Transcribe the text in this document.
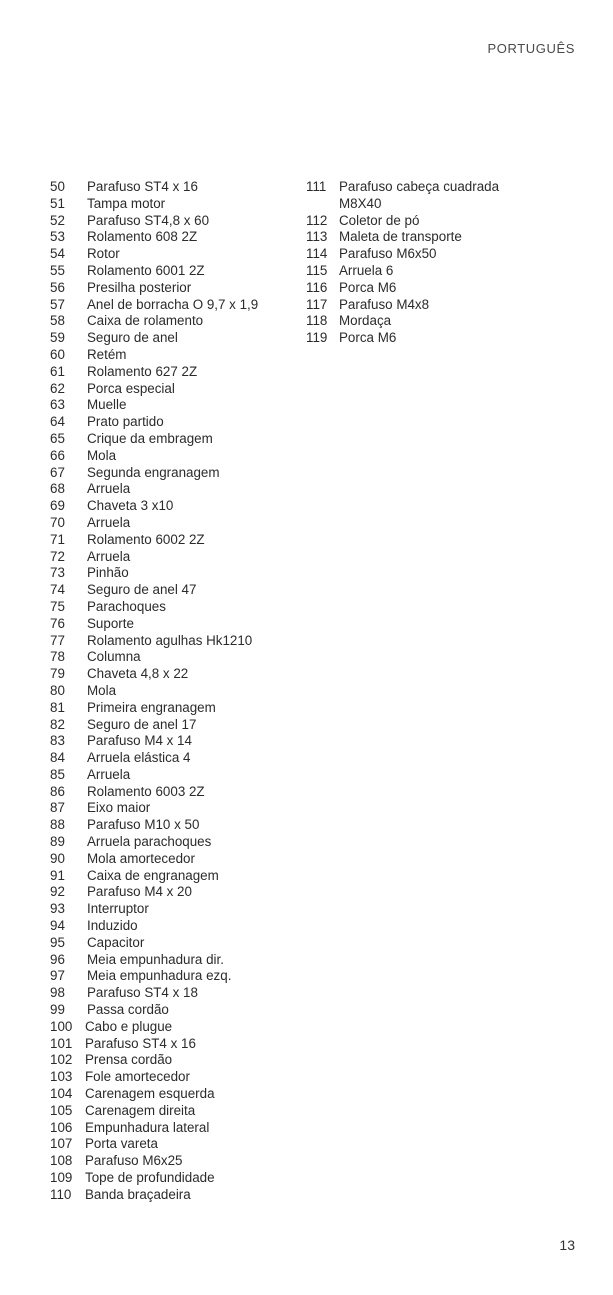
PORTUGUÊS
50	Parafuso ST4 x 16
51	Tampa motor
52	Parafuso ST4,8 x 60
53	Rolamento 608 2Z
54	Rotor
55	Rolamento 6001 2Z
56	Presilha posterior
57	Anel de borracha O 9,7 x 1,9
58	Caixa de rolamento
59	Seguro de anel
60	Retém
61	Rolamento 627 2Z
62	Porca especial
63	Muelle
64	Prato partido
65	Crique da embragem
66	Mola
67	Segunda engranagem
68	Arruela
69	Chaveta 3 x10
70	Arruela
71	Rolamento 6002 2Z
72	Arruela
73	Pinhão
74	Seguro de anel 47
75	Parachoques
76	Suporte
77	Rolamento agulhas Hk1210
78	Columna
79	Chaveta 4,8 x 22
80	Mola
81	Primeira engranagem
82	Seguro de anel 17
83	Parafuso M4 x 14
84	Arruela elástica 4
85	Arruela
86	Rolamento 6003 2Z
87	Eixo maior
88	Parafuso M10 x 50
89	Arruela parachoques
90	Mola amortecedor
91	Caixa de engranagem
92	Parafuso M4 x 20
93	Interruptor
94	Induzido
95	Capacitor
96	Meia empunhadura dir.
97	Meia empunhadura ezq.
98	Parafuso ST4 x 18
99	Passa cordão
100 Cabo e plugue
101 Parafuso ST4 x 16
102 Prensa cordão
103 Fole amortecedor
104 Carenagem esquerda
105 Carenagem direita
106 Empunhadura lateral
107 Porta vareta
108 Parafuso M6x25
109 Tope de profundidade
110	Banda braçadeira
111 Parafuso cabeça cuadrada
M8X40
112 Coletor de pó
113 Maleta de transporte
114 Parafuso M6x50
115 Arruela 6
116 Porca M6
117 Parafuso M4x8
118 Mordaça
119 Porca M6
13
